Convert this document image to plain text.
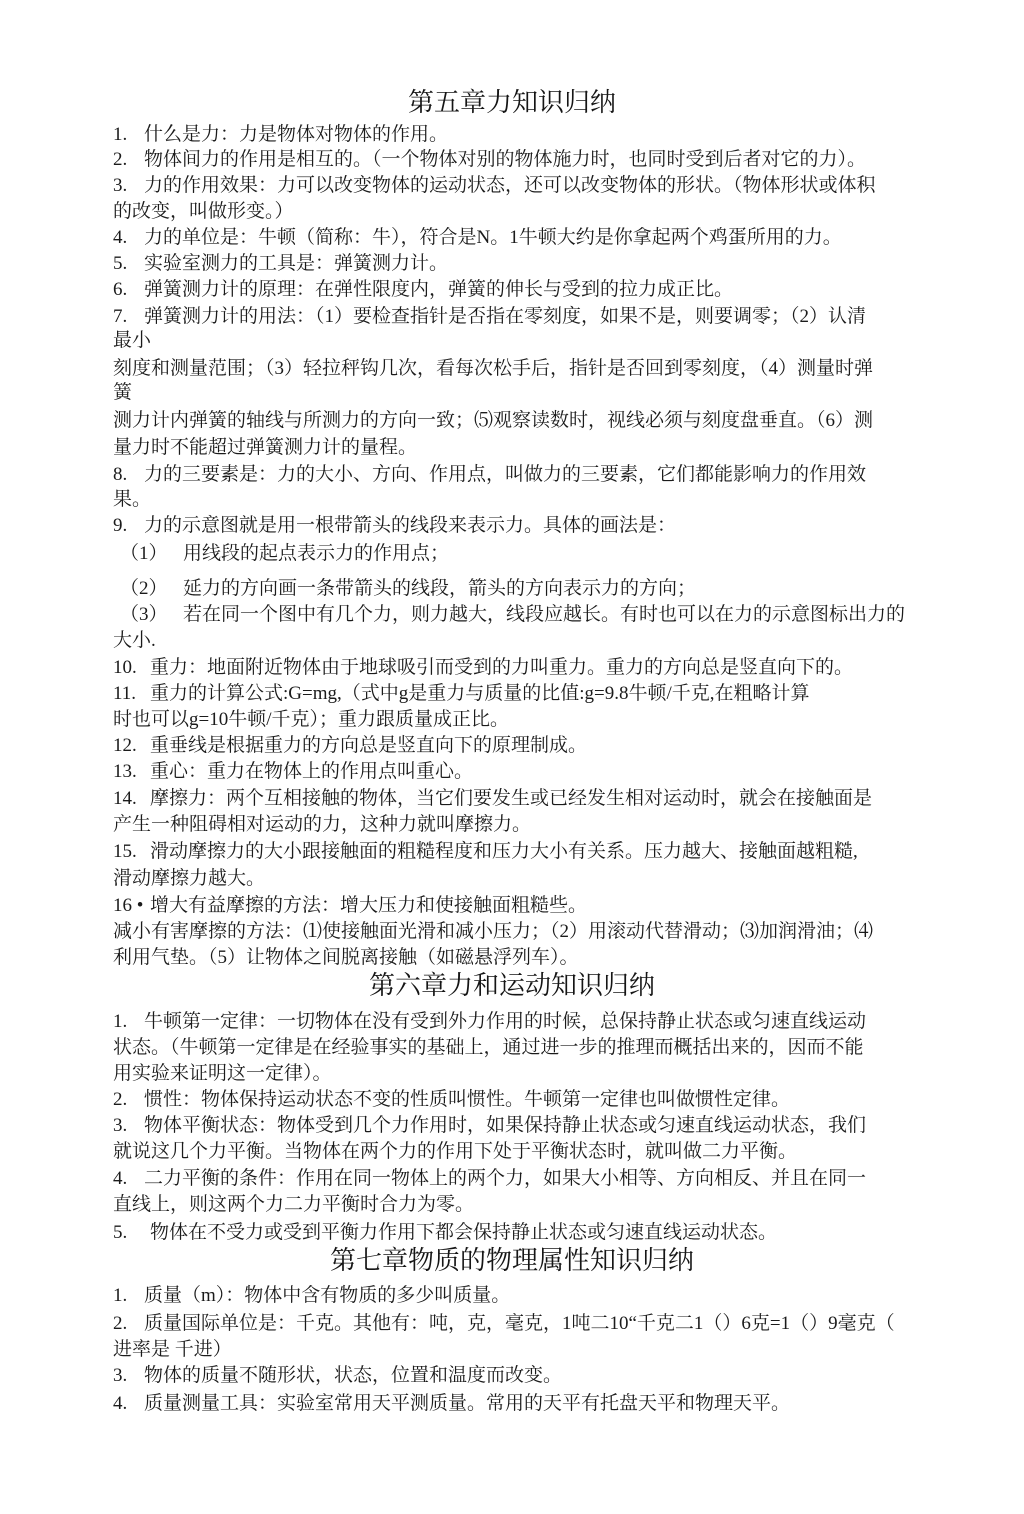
第五章力知识归纳
1. 什么是力：力是物体对物体的作用。
2. 物体间力的作用是相互的。（一个物体对别的物体施力时，也同时受到后者对它的力）。
3. 力的作用效果：力可以改变物体的运动状态，还可以改变物体的形状。（物体形状或体积
的改变，叫做形变。）
4. 力的单位是：牛顿（简称：牛），符合是N。1牛顿大约是你拿起两个鸡蛋所用的力。
5. 实验室测力的工具是：弹簧测力计。
6. 弹簧测力计的原理：在弹性限度内，弹簧的伸长与受到的拉力成正比。
7. 弹簧测力计的用法：（1）要检查指针是否指在零刻度，如果不是，则要调零；（2）认清
最小
刻度和测量范围；（3）轻拉秤钩几次，看每次松手后，指针是否回到零刻度，（4）测量时弹
簧
测力计内弹簧的轴线与所测力的方向一致；⑸观察读数时，视线必须与刻度盘垂直。（6）测
量力时不能超过弹簧测力计的量程。
8. 力的三要素是：力的大小、方向、作用点，叫做力的三要素，它们都能影响力的作用效
果。
9. 力的示意图就是用一根带箭头的线段来表示力。具体的画法是：
（1） 用线段的起点表示力的作用点；
（2） 延力的方向画一条带箭头的线段，箭头的方向表示力的方向；
（3） 若在同一个图中有几个力，则力越大，线段应越长。有时也可以在力的示意图标出力的
大小.
10. 重力：地面附近物体由于地球吸引而受到的力叫重力。重力的方向总是竖直向下的。
11. 重力的计算公式:G=mg,（式中g是重力与质量的比值:g=9.8牛顿/千克,在粗略计算
时也可以g=10牛顿/千克）；重力跟质量成正比。
12. 重垂线是根据重力的方向总是竖直向下的原理制成。
13. 重心：重力在物体上的作用点叫重心。
14. 摩擦力：两个互相接触的物体，当它们要发生或已经发生相对运动时，就会在接触面是
产生一种阻碍相对运动的力，这种力就叫摩擦力。
15. 滑动摩擦力的大小跟接触面的粗糙程度和压力大小有关系。压力越大、接触面越粗糙,
滑动摩擦力越大。
16 • 增大有益摩擦的方法：增大压力和使接触面粗糙些。
减小有害摩擦的方法：⑴使接触面光滑和减小压力；（2）用滚动代替滑动；⑶加润滑油；⑷
利用气垫。（5）让物体之间脱离接触（如磁悬浮列车）。
第六章力和运动知识归纳
1. 牛顿第一定律：一切物体在没有受到外力作用的时候，总保持静止状态或匀速直线运动
状态。（牛顿第一定律是在经验事实的基础上，通过进一步的推理而概括出来的，因而不能
用实验来证明这一定律）。
2. 惯性：物体保持运动状态不变的性质叫惯性。牛顿第一定律也叫做惯性定律。
3. 物体平衡状态：物体受到几个力作用时，如果保持静止状态或匀速直线运动状态，我们
就说这几个力平衡。当物体在两个力的作用下处于平衡状态时，就叫做二力平衡。
4. 二力平衡的条件：作用在同一物体上的两个力，如果大小相等、方向相反、并且在同一
直线上，则这两个力二力平衡时合力为零。
5. 物体在不受力或受到平衡力作用下都会保持静止状态或匀速直线运动状态。
第七章物质的物理属性知识归纳
1. 质量（m）：物体中含有物质的多少叫质量。
2. 质量国际单位是：千克。其他有：吨，克，毫克，1吨二10“千克二1（）6克=1（）9毫克（
进率是 千进）
3. 物体的质量不随形状，状态，位置和温度而改变。
4. 质量测量工具：实验室常用天平测质量。常用的天平有托盘天平和物理天平。
